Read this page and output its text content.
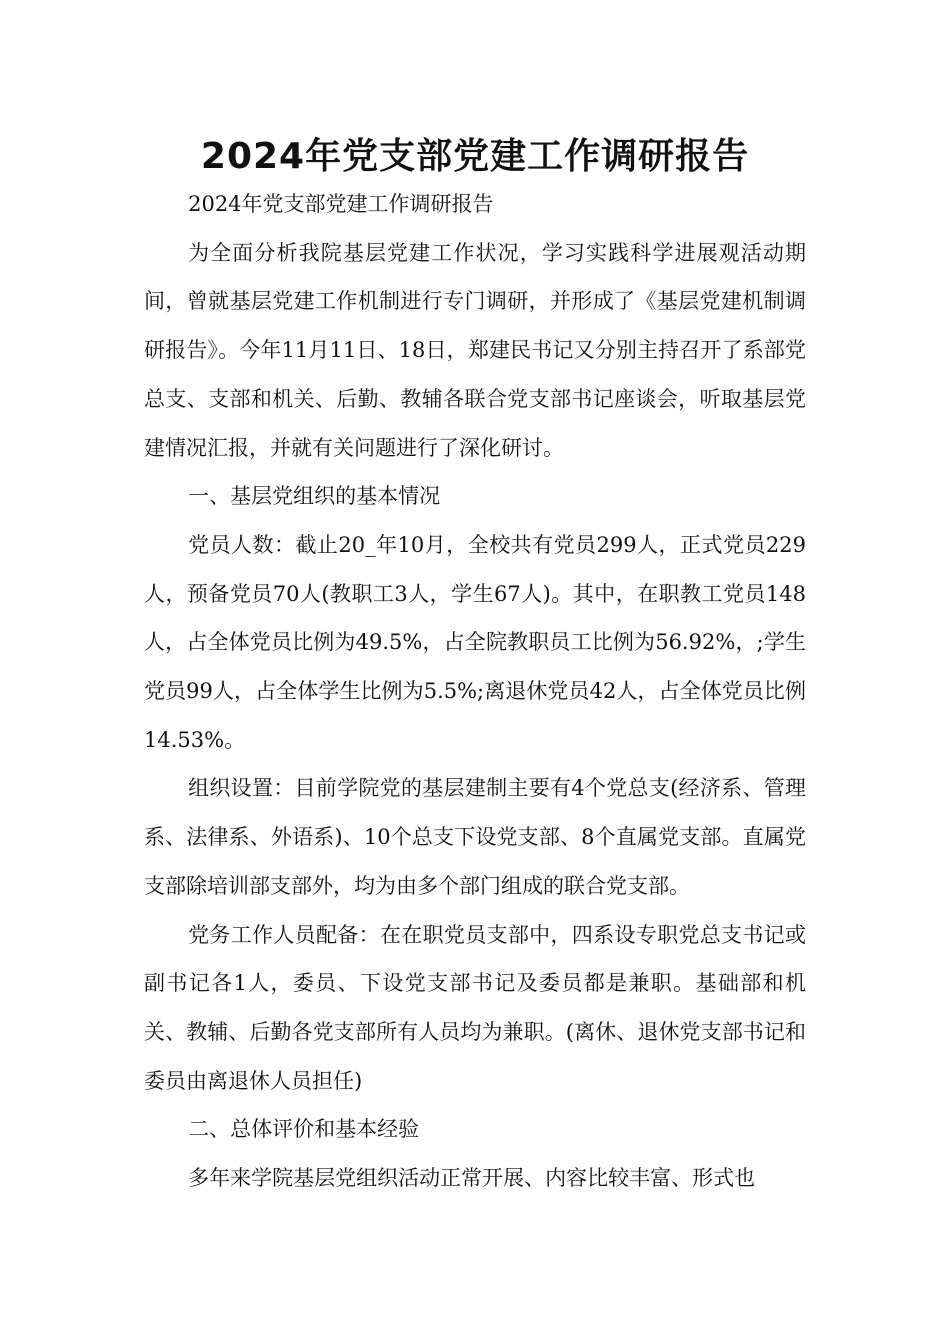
2024年党支部党建工作调研报告

2024年党支部党建工作调研报告

为全面分析我院基层党建工作状况，学习实践科学进展观活动期间，曾就基层党建工作机制进行专门调研，并形成了《基层党建机制调研报告》。今年11月11日、18日，郑建民书记又分别主持召开了系部党总支、支部和机关、后勤、教辅各联合党支部书记座谈会，听取基层党建情况汇报，并就有关问题进行了深化研讨。

一、基层党组织的基本情况

党员人数：截止20_年10月，全校共有党员299人，正式党员229人，预备党员70人(教职工3人，学生67人)。其中，在职教工党员148人，占全体党员比例为49.5%，占全院教职员工比例为56.92%，;学生党员99人，占全体学生比例为5.5%;离退休党员42人，占全体党员比例14.53%。

组织设置：目前学院党的基层建制主要有4个党总支(经济系、管理系、法律系、外语系)、10个总支下设党支部、8个直属党支部。直属党支部除培训部支部外，均为由多个部门组成的联合党支部。

党务工作人员配备：在在职党员支部中，四系设专职党总支书记或副书记各1人，委员、下设党支部书记及委员都是兼职。基础部和机关、教辅、后勤各党支部所有人员均为兼职。(离休、退休党支部书记和委员由离退休人员担任)

二、总体评价和基本经验

多年来学院基层党组织活动正常开展、内容比较丰富、形式也
